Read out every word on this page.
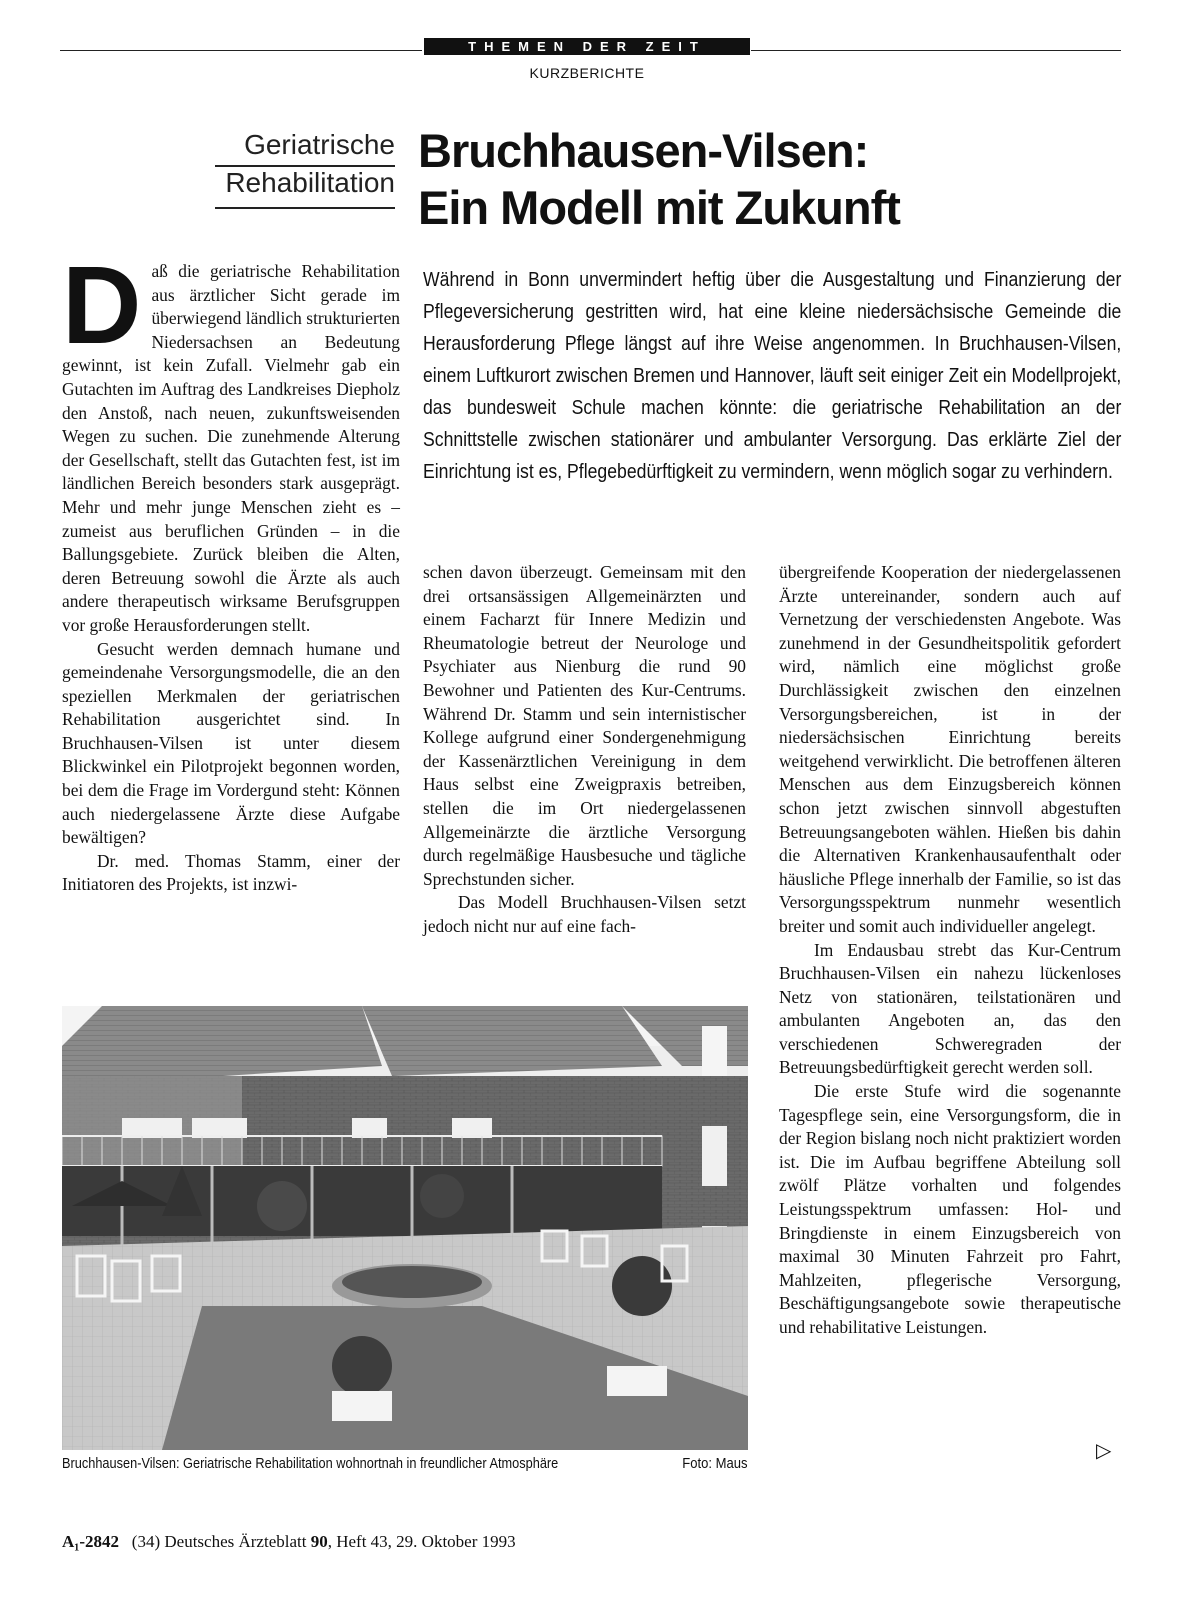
THEMEN DER ZEIT
KURZBERICHTE
Geriatrische
Rehabilitation
Bruchhausen-Vilsen:
Ein Modell mit Zukunft

Während in Bonn unvermindert heftig über die Ausgestaltung und Finanzierung der Pflegeversicherung gestritten wird, hat eine kleine niedersächsische Gemeinde die Herausforderung Pflege längst auf ihre Weise angenommen. In Bruchhausen-Vilsen, einem Luftkurort zwischen Bremen und Hannover, läuft seit einiger Zeit ein Modellprojekt, das bundesweit Schule machen könnte: die geriatrische Rehabilitation an der Schnittstelle zwischen stationärer und ambulanter Versorgung. Das erklärte Ziel der Einrichtung ist es, Pflegebedürftigkeit zu vermindern, wenn möglich sogar zu verhindern.

D aß die geriatrische Rehabilitation aus ärztlicher Sicht gerade im überwiegend ländlich strukturierten Niedersachsen an Bedeutung gewinnt, ist kein Zufall. Vielmehr gab ein Gutachten im Auftrag des Landkreises Diepholz den Anstoß, nach neuen, zukunftsweisenden Wegen zu suchen. Die zunehmende Alterung der Gesellschaft, stellt das Gutachten fest, ist im ländlichen Bereich besonders stark ausgeprägt. Mehr und mehr junge Menschen zieht es – zumeist aus beruflichen Gründen – in die Ballungsgebiete. Zurück bleiben die Alten, deren Betreuung sowohl die Ärzte als auch andere therapeutisch wirksame Berufsgruppen vor große Herausforderungen stellt.

Gesucht werden demnach humane und gemeindenahe Versorgungsmodelle, die an den speziellen Merkmalen der geriatrischen Rehabilitation ausgerichtet sind. In Bruchhausen-Vilsen ist unter diesem Blickwinkel ein Pilotprojekt begonnen worden, bei dem die Frage im Vordergund steht: Können auch niedergelassene Ärzte diese Aufgabe bewältigen?

Dr. med. Thomas Stamm, einer der Initiatoren des Projekts, ist inzwi-

schen davon überzeugt. Gemeinsam mit den drei ortsansässigen Allgemeinärzten und einem Facharzt für Innere Medizin und Rheumatologie betreut der Neurologe und Psychiater aus Nienburg die rund 90 Bewohner und Patienten des Kur-Centrums. Während Dr. Stamm und sein internistischer Kollege aufgrund einer Sondergenehmigung der Kassenärztlichen Vereinigung in dem Haus selbst eine Zweigpraxis betreiben, stellen die im Ort niedergelassenen Allgemeinärzte die ärztliche Versorgung durch regelmäßige Hausbesuche und tägliche Sprechstunden sicher.

Das Modell Bruchhausen-Vilsen setzt jedoch nicht nur auf eine fach-

übergreifende Kooperation der niedergelassenen Ärzte untereinander, sondern auch auf Vernetzung der verschiedensten Angebote. Was zunehmend in der Gesundheitspolitik gefordert wird, nämlich eine möglichst große Durchlässigkeit zwischen den einzelnen Versorgungsbereichen, ist in der niedersächsischen Einrichtung bereits weitgehend verwirklicht. Die betroffenen älteren Menschen aus dem Einzugsbereich können schon jetzt zwischen sinnvoll abgestuften Betreuungsangeboten wählen. Hießen bis dahin die Alternativen Krankenhausaufenthalt oder häusliche Pflege innerhalb der Familie, so ist das Versorgungsspektrum nunmehr wesentlich breiter und somit auch individueller angelegt.

Im Endausbau strebt das Kur-Centrum Bruchhausen-Vilsen ein nahezu lückenloses Netz von stationären, teilstationären und ambulanten Angeboten an, das den verschiedenen Schweregraden der Betreuungsbedürftigkeit gerecht werden soll.

Die erste Stufe wird die sogenannte Tagespflege sein, eine Versorgungsform, die in der Region bislang noch nicht praktiziert worden ist. Die im Aufbau begriffene Abteilung soll zwölf Plätze vorhalten und folgendes Leistungsspektrum umfassen: Hol- und Bringdienste in einem Einzugsbereich von maximal 30 Minuten Fahrzeit pro Fahrt, Mahlzeiten, pflegerische Versorgung, Beschäftigungsangebote sowie therapeutische und rehabilitative Leistungen.

Bruchhausen-Vilsen: Geriatrische Rehabilitation wohnortnah in freundlicher Atmosphäre	Foto: Maus
▷
A₁-2842 (34) Deutsches Ärzteblatt 90, Heft 43, 29. Oktober 1993
